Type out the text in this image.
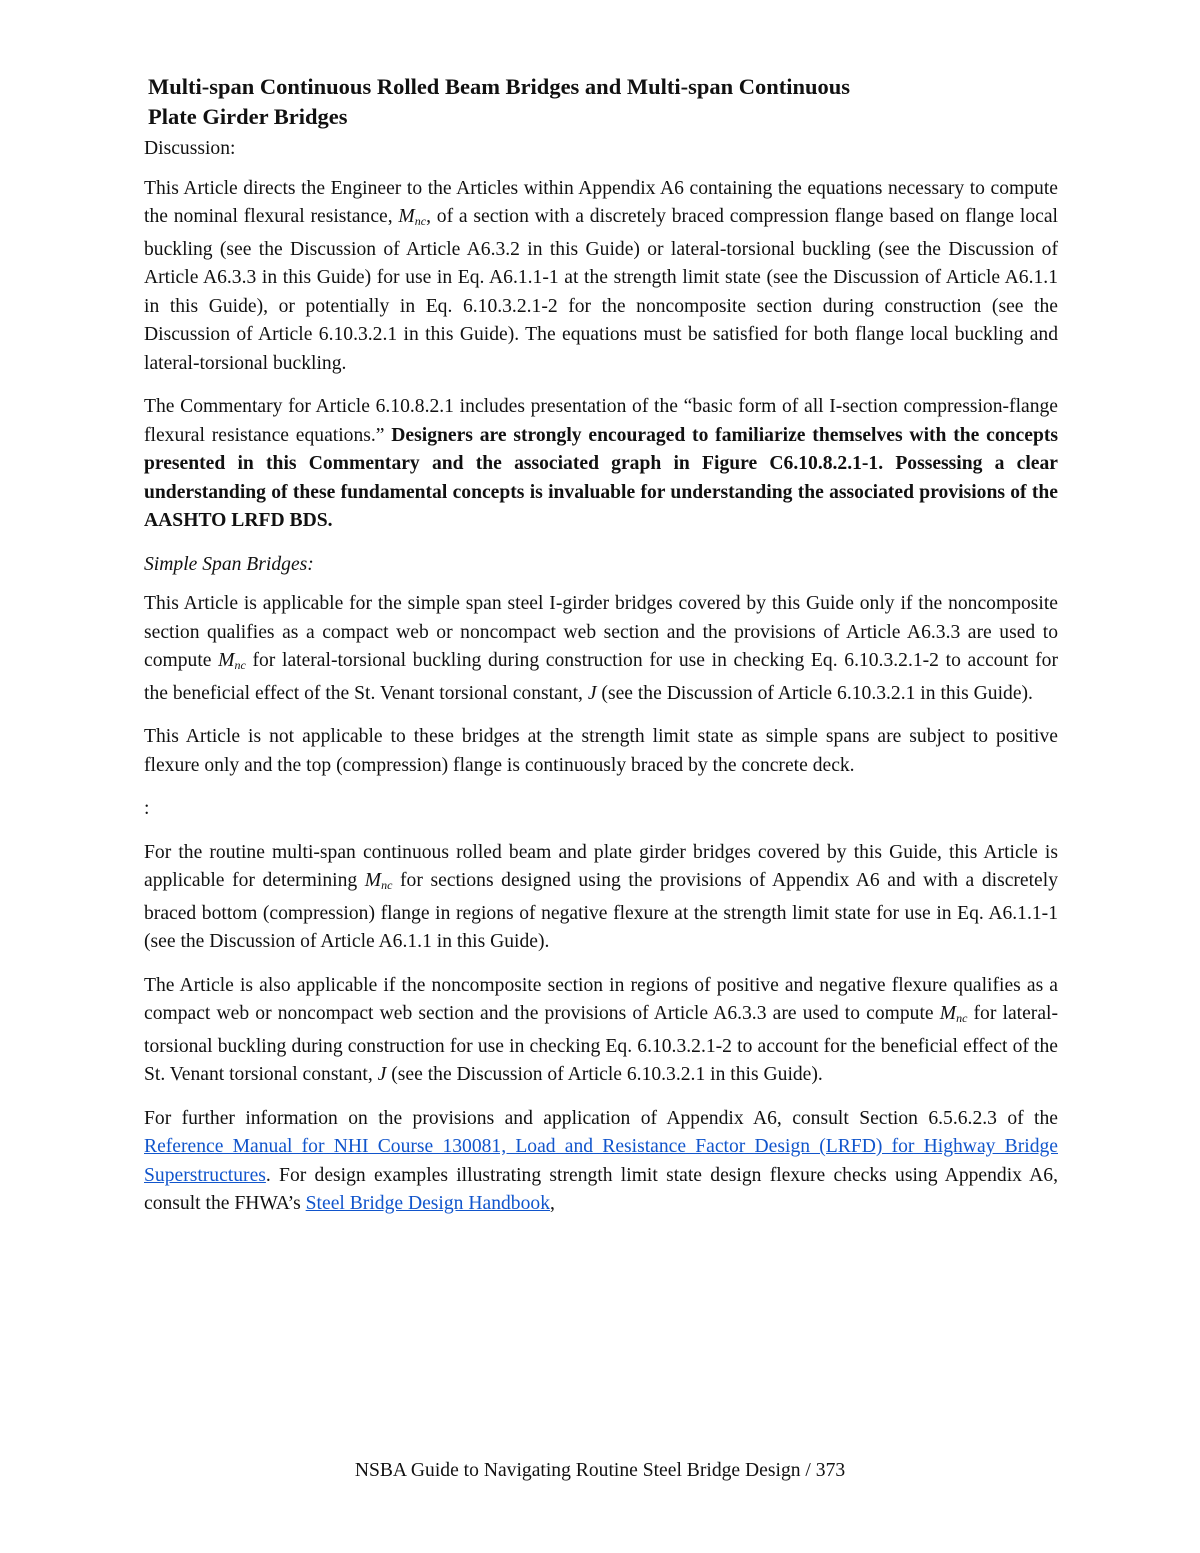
Multi-span Continuous Rolled Beam Bridges and Multi-span Continuous
Plate Girder Bridges
Discussion:

This Article directs the Engineer to the Articles within Appendix A6 containing the equations necessary to compute the nominal flexural resistance, $M_{nc}$, of a section with a discretely braced compression flange based on flange local buckling (see the Discussion of Article A6.3.2 in this Guide) or lateral-torsional buckling (see the Discussion of Article A6.3.3 in this Guide) for use in Eq. A6.1.1-1 at the strength limit state (see the Discussion of Article A6.1.1 in this Guide), or potentially in Eq. 6.10.3.2.1-2 for the noncomposite section during construction (see the Discussion of Article 6.10.3.2.1 in this Guide). The equations must be satisfied for both flange local buckling and lateral-torsional buckling.

The Commentary for Article 6.10.8.2.1 includes presentation of the “basic form of all I-section compression-flange flexural resistance equations.” Designers are strongly encouraged to familiarize themselves with the concepts presented in this Commentary and the associated graph in Figure C6.10.8.2.1-1. Possessing a clear understanding of these fundamental concepts is invaluable for understanding the associated provisions of the AASHTO LRFD BDS.

Simple Span Bridges:

This Article is applicable for the simple span steel I-girder bridges covered by this Guide only if the noncomposite section qualifies as a compact web or noncompact web section and the provisions of Article A6.3.3 are used to compute $M_{nc}$ for lateral-torsional buckling during construction for use in checking Eq. 6.10.3.2.1-2 to account for the beneficial effect of the St. Venant torsional constant, J (see the Discussion of Article 6.10.3.2.1 in this Guide).

This Article is not applicable to these bridges at the strength limit state as simple spans are subject to positive flexure only and the top (compression) flange is continuously braced by the concrete deck.

:

For the routine multi-span continuous rolled beam and plate girder bridges covered by this Guide, this Article is applicable for determining $M_{nc}$ for sections designed using the provisions of Appendix A6 and with a discretely braced bottom (compression) flange in regions of negative flexure at the strength limit state for use in Eq. A6.1.1-1 (see the Discussion of Article A6.1.1 in this Guide).

The Article is also applicable if the noncomposite section in regions of positive and negative flexure qualifies as a compact web or noncompact web section and the provisions of Article A6.3.3 are used to compute $M_{nc}$ for lateral-torsional buckling during construction for use in checking Eq. 6.10.3.2.1-2 to account for the beneficial effect of the St. Venant torsional constant, J (see the Discussion of Article 6.10.3.2.1 in this Guide).

For further information on the provisions and application of Appendix A6, consult Section 6.5.6.2.3 of the Reference Manual for NHI Course 130081, Load and Resistance Factor Design (LRFD) for Highway Bridge Superstructures. For design examples illustrating strength limit state design flexure checks using Appendix A6, consult the FHWA’s Steel Bridge Design Handbook,

NSBA Guide to Navigating Routine Steel Bridge Design / 373
